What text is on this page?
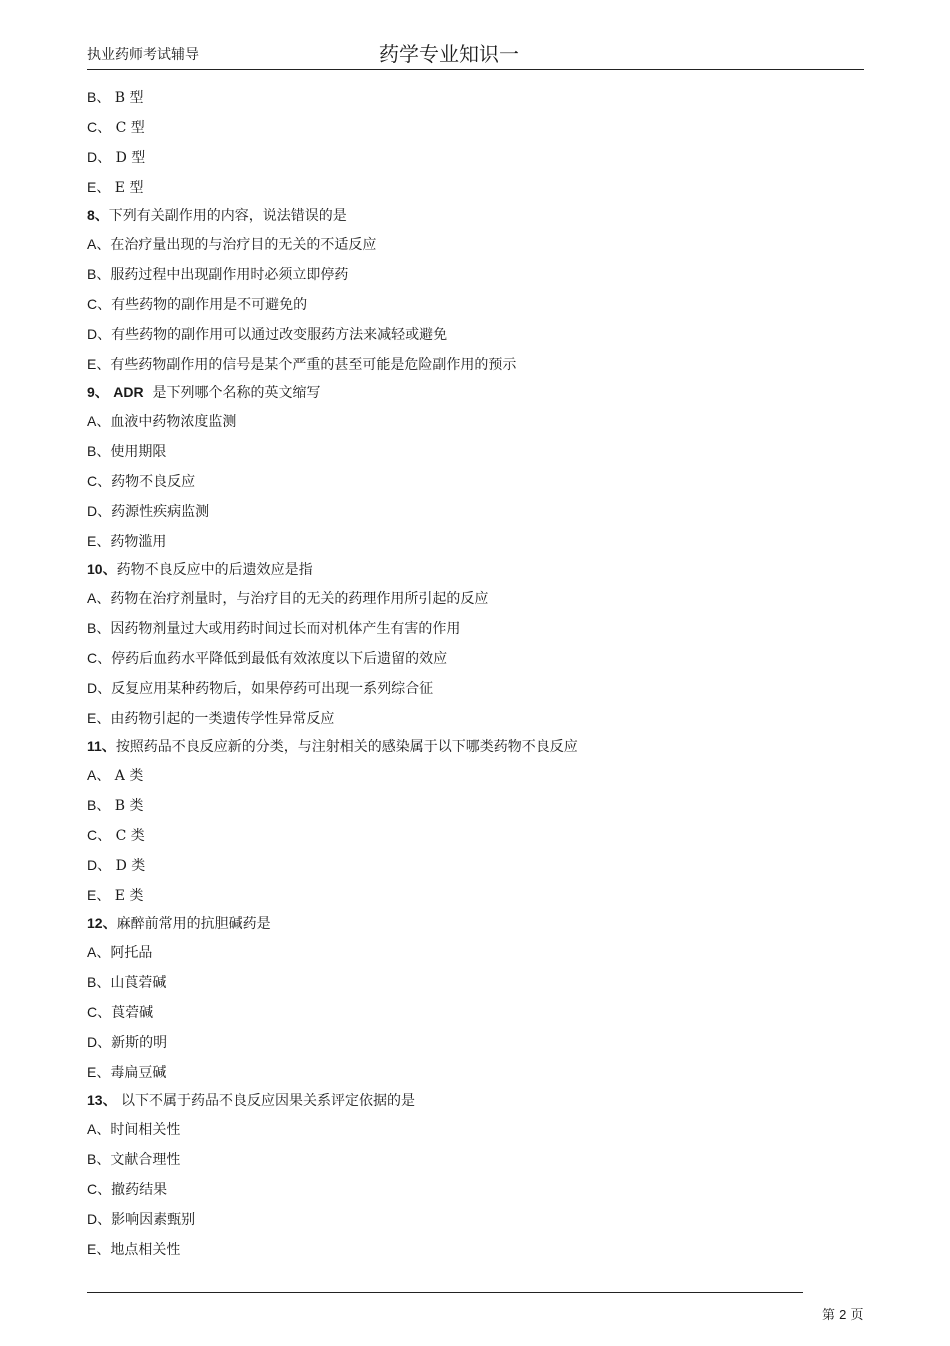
执业药师考试辅导	药学专业知识一
B、 B 型
C、 C 型
D、 D 型
E、 E 型
8、下列有关副作用的内容，说法错误的是
A、在治疗量出现的与治疗目的无关的不适反应
B、服药过程中出现副作用时必须立即停药
C、有些药物的副作用是不可避免的
D、有些药物的副作用可以通过改变服药方法来减轻或避免
E、有些药物副作用的信号是某个严重的甚至可能是危险副作用的预示
9、 ADR 是下列哪个名称的英文缩写
A、血液中药物浓度监测
B、使用期限
C、药物不良反应
D、药源性疾病监测
E、药物滥用
10、药物不良反应中的后遗效应是指
A、药物在治疗剂量时，与治疗目的无关的药理作用所引起的反应
B、因药物剂量过大或用药时间过长而对机体产生有害的作用
C、停药后血药水平降低到最低有效浓度以下后遗留的效应
D、反复应用某种药物后，如果停药可出现一系列综合征
E、由药物引起的一类遗传学性异常反应
11、按照药品不良反应新的分类，与注射相关的感染属于以下哪类药物不良反应
A、 A 类
B、 B 类
C、 C 类
D、 D 类
E、 E 类
12、麻醉前常用的抗胆碱药是
A、阿托品
B、山莨菪碱
C、莨菪碱
D、新斯的明
E、毒扁豆碱
13、 以下不属于药品不良反应因果关系评定依据的是
A、时间相关性
B、文献合理性
C、撤药结果
D、影响因素甄别
E、地点相关性
第 2 页
